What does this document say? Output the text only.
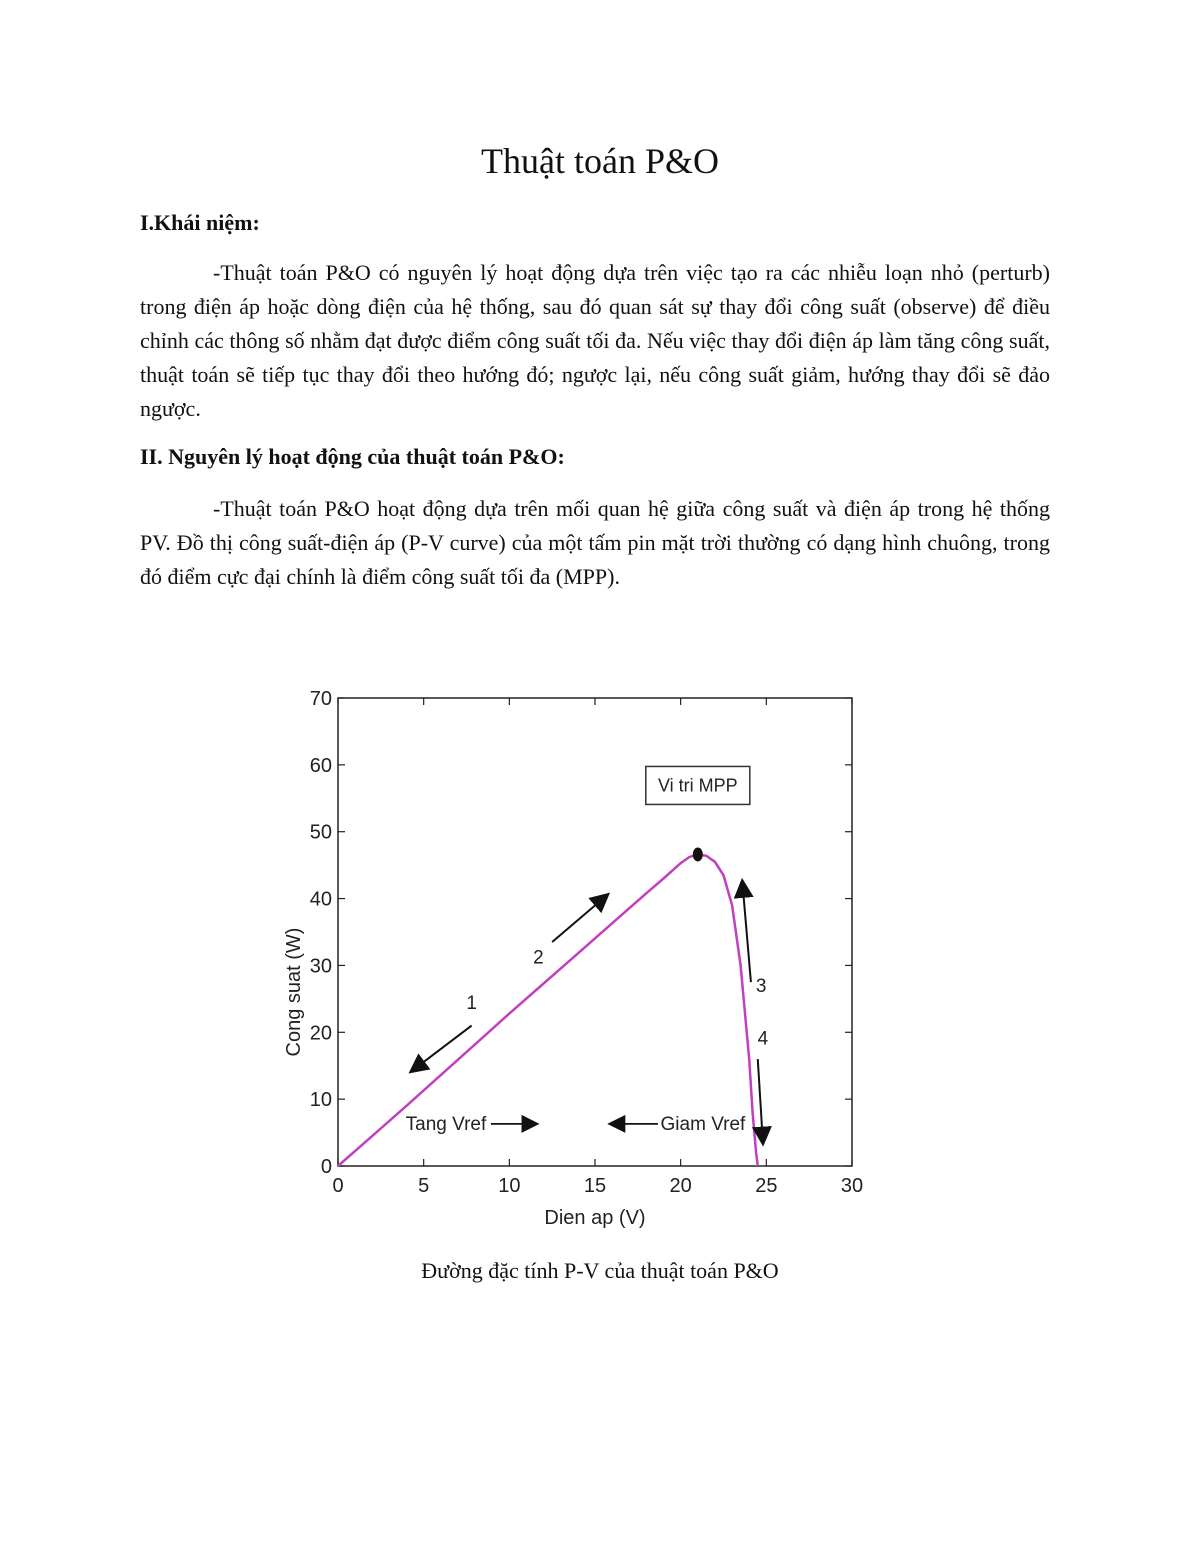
Thuật toán P&O
I.Khái niệm:

-Thuật toán P&O có nguyên lý hoạt động dựa trên việc tạo ra các nhiễu loạn nhỏ (perturb) trong điện áp hoặc dòng điện của hệ thống, sau đó quan sát sự thay đổi công suất (observe) để điều chỉnh các thông số nhằm đạt được điểm công suất tối đa. Nếu việc thay đổi điện áp làm tăng công suất, thuật toán sẽ tiếp tục thay đổi theo hướng đó; ngược lại, nếu công suất giảm, hướng thay đổi sẽ đảo ngược.

II. Nguyên lý hoạt động của thuật toán P&O:

-Thuật toán P&O hoạt động dựa trên mối quan hệ giữa công suất và điện áp trong hệ thống PV. Đồ thị công suất-điện áp (P-V curve) của một tấm pin mặt trời thường có dạng hình chuông, trong đó điểm cực đại chính là điểm công suất tối đa (MPP).

0	5	10	15	20	25	30
0
10
20
30
40
50
60
70
Vi tri MPP
1
2
3
4
Tang Vref	Giam Vref
Dien ap (V)
Cong suat (W)

Đường đặc tính P-V của thuật toán P&O
